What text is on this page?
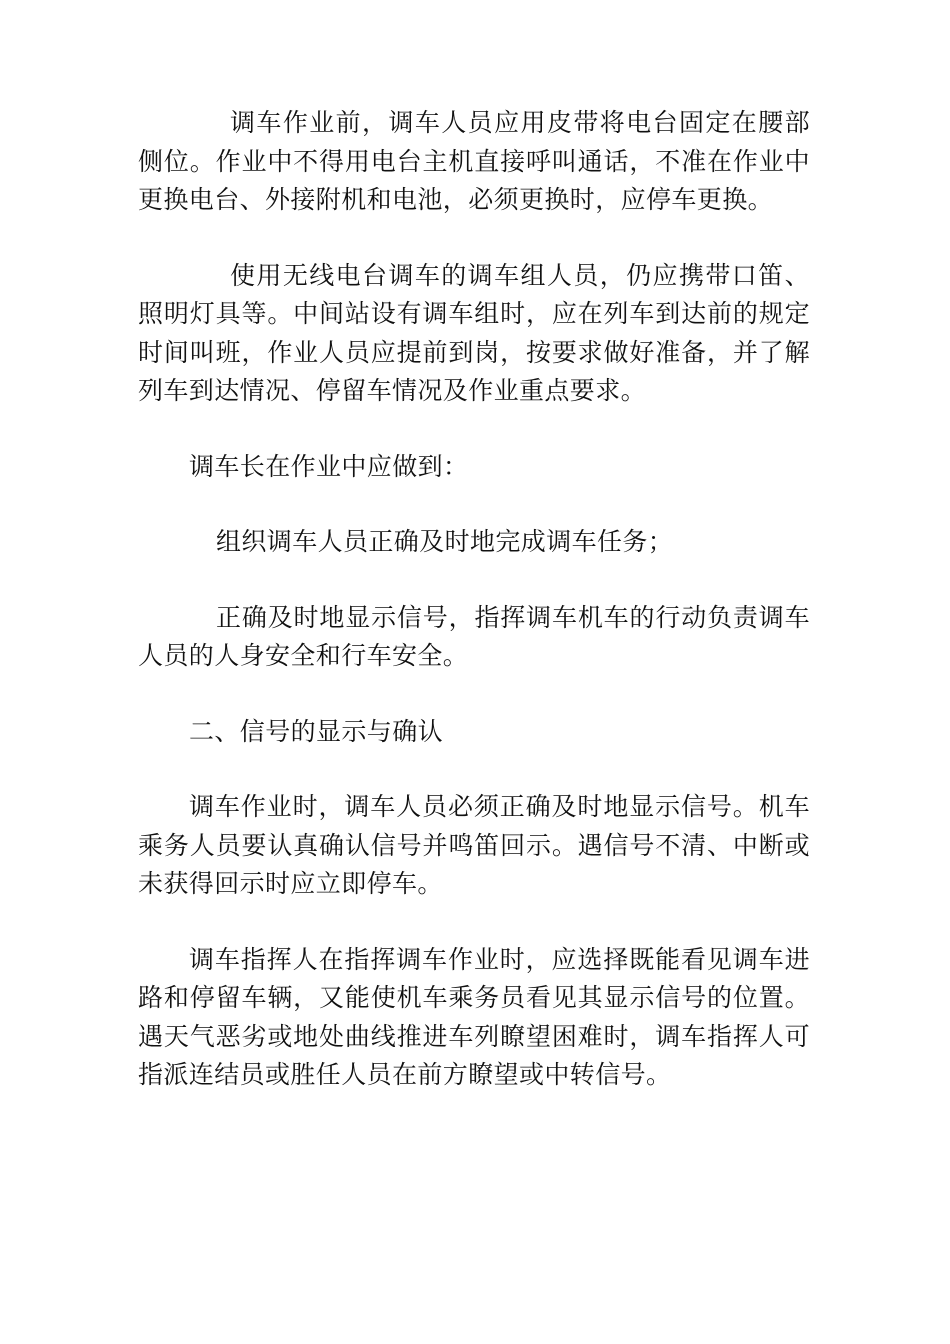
调车作业前，调车人员应用皮带将电台固定在腰部侧位。作业中不得用电台主机直接呼叫通话，不准在作业中更换电台、外接附机和电池，必须更换时，应停车更换。

使用无线电台调车的调车组人员，仍应携带口笛、照明灯具等。中间站设有调车组时，应在列车到达前的规定时间叫班，作业人员应提前到岗，按要求做好准备，并了解列车到达情况、停留车情况及作业重点要求。

调车长在作业中应做到：

组织调车人员正确及时地完成调车任务；

正确及时地显示信号，指挥调车机车的行动负责调车人员的人身安全和行车安全。

二、信号的显示与确认

调车作业时，调车人员必须正确及时地显示信号。机车乘务人员要认真确认信号并鸣笛回示。遇信号不清、中断或未获得回示时应立即停车。

调车指挥人在指挥调车作业时，应选择既能看见调车进路和停留车辆，又能使机车乘务员看见其显示信号的位置。遇天气恶劣或地处曲线推进车列瞭望困难时，调车指挥人可指派连结员或胜任人员在前方瞭望或中转信号。
